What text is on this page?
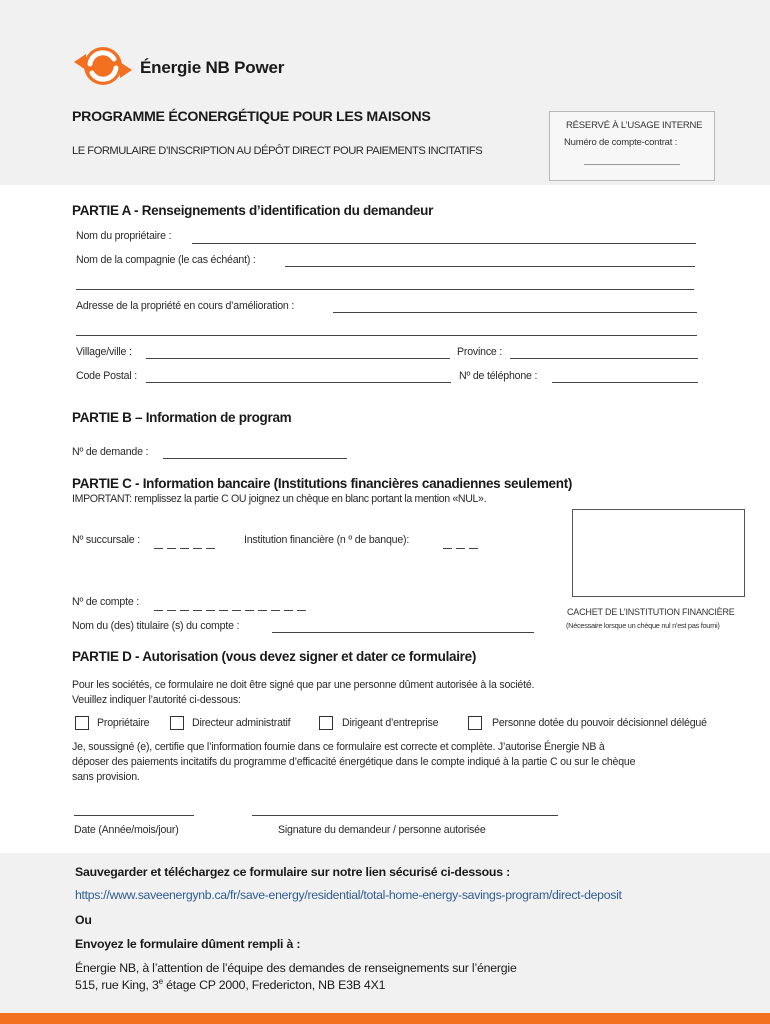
Énergie NB Power
PROGRAMME ÉCONERGÉTIQUE POUR LES MAISONS
LE FORMULAIRE D’INSCRIPTION AU DÉPÔT DIRECT POUR PAIEMENTS INCITATIFS
RÉSERVÉ À L’USAGE INTERNE
Numéro de compte-contrat :
PARTIE A - Renseignements d’identification du demandeur
Nom du propriétaire :
Nom de la compagnie (le cas échéant) :
Adresse de la propriété en cours d’amélioration :
Village/ville :	Province :
Code Postal :	Nº de téléphone :
PARTIE B – Information de program
Nº de demande :
PARTIE C - Information bancaire (Institutions financières canadiennes seulement)
IMPORTANT: remplissez la partie C OU joignez un chèque en blanc portant la mention «NUL».
Nº succursale :	Institution financière (n º de banque):
CACHET DE L’INSTITUTION FINANCIÈRE
(Nécessaire lorsque un chèque nul n’est pas fourni)
Nº de compte :
Nom du (des) titulaire (s) du compte :
PARTIE D - Autorisation (vous devez signer et dater ce formulaire)
Pour les sociétés, ce formulaire ne doit être signé que par une personne dûment autorisée à la société.
Veuillez indiquer l’autorité ci-dessous:
Propriétaire	Directeur administratif	Dirigeant d’entreprise	Personne dotée du pouvoir décisionnel délégué
Je, soussigné (e), certifie que l’information fournie dans ce formulaire est correcte et complète. J’autorise Énergie NB à
déposer des paiements incitatifs du programme d’efficacité énergétique dans le compte indiqué à la partie C ou sur le chèque
sans provision.
Date (Année/mois/jour)	Signature du demandeur / personne autorisée
Sauvegarder et téléchargez ce formulaire sur notre lien sécurisé ci-dessous :
https://www.saveenergynb.ca/fr/save-energy/residential/total-home-energy-savings-program/direct-deposit
Ou
Envoyez le formulaire dûment rempli à :
Énergie NB, à l’attention de l’équipe des demandes de renseignements sur l’énergie
515, rue King, 3e étage CP 2000, Fredericton, NB E3B 4X1
